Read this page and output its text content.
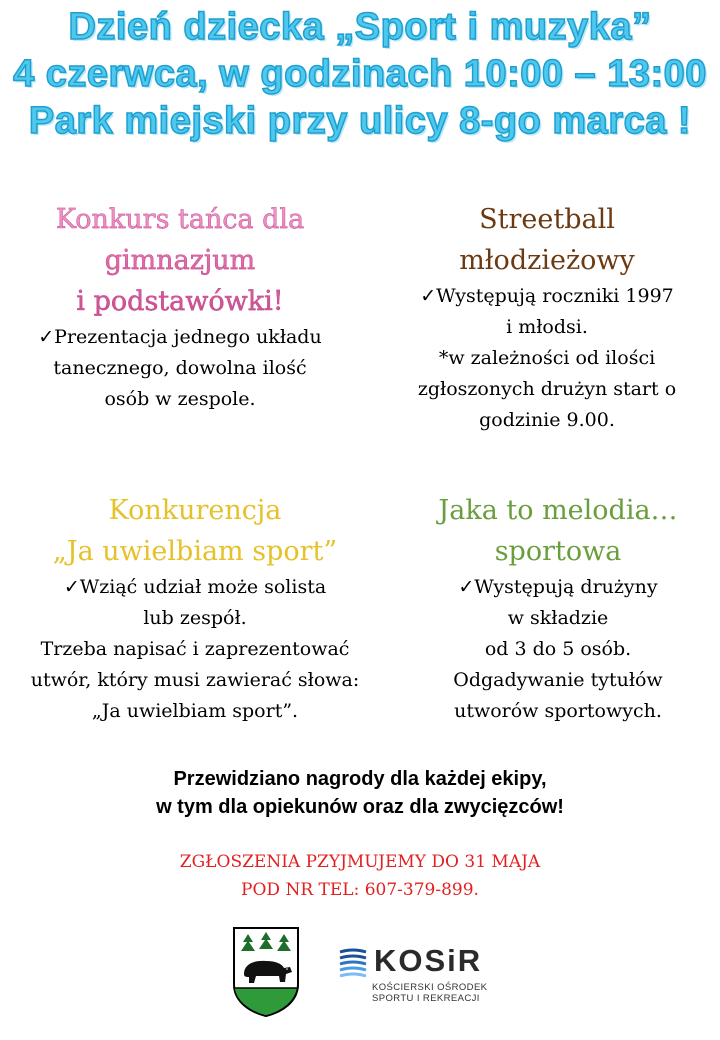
Dzień dziecka „Sport i muzyka”
4 czerwca, w godzinach 10:00 – 13:00
Park miejski przy ulicy 8-go marca !
Konkurs tańca dla
gimnazjum
i podstawówki!
✓Prezentacja jednego układu
tanecznego, dowolna ilość
osób w zespole.
Streetball
młodzieżowy
✓Występują roczniki 1997
i młodsi.
*w zależności od ilości
zgłoszonych drużyn start o
godzinie 9.00.
Konkurencja
„Ja uwielbiam sport”
✓Wziąć udział może solista
lub zespół.
Trzeba napisać i zaprezentować
utwór, który musi zawierać słowa:
„Ja uwielbiam sport”.
Jaka to melodia…
sportowa
✓Występują drużyny
w składzie
od 3 do 5 osób.
Odgadywanie tytułów
utworów sportowych.
Przewidziano nagrody dla każdej ekipy,
w tym dla opiekunów oraz dla zwycięzców!
ZGŁOSZENIA PZYJMUJEMY DO 31 MAJA
POD NR TEL: 607-379-899.
KOSiR
KOŚCIERSKI OŚRODEK
SPORTU I REKREACJI
